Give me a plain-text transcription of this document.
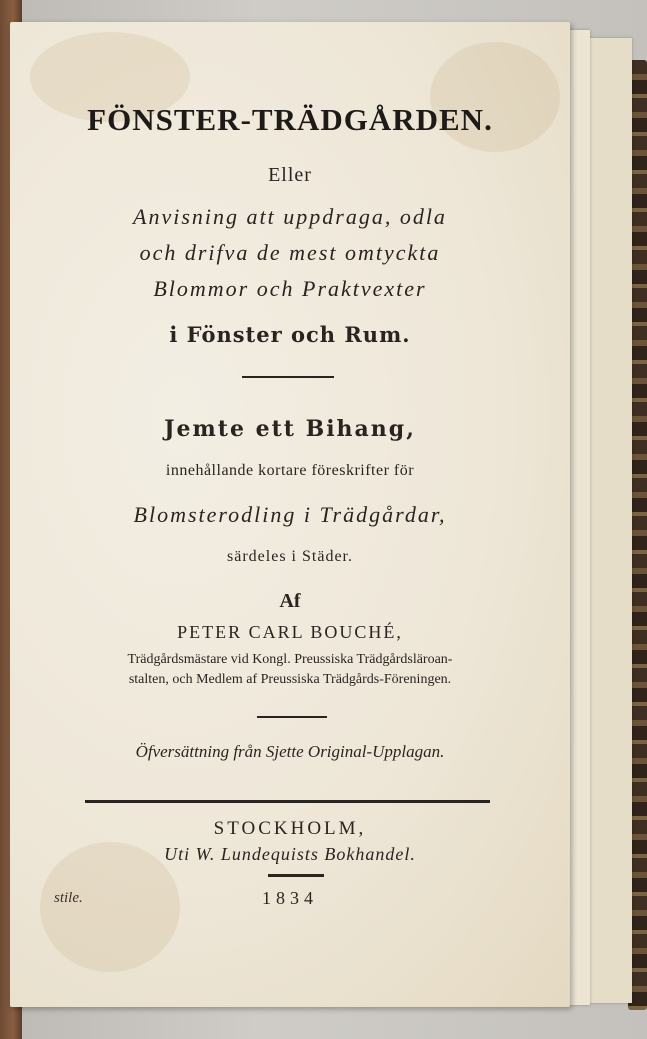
FÖNSTER-TRÄDGÅRDEN.
Eller
Anvisning att uppdraga, odla
och drifva de mest omtyckta
Blommor och Praktvexter
i Fönster och Rum.
Jemte ett Bihang,
innehållande kortare föreskrifter för
Blomsterodling i Trädgårdar,
särdeles i Städer.
Af
PETER CARL BOUCHÉ,
Trädgårdsmästare vid Kongl. Preussiska Trädgårdsläroan-
stalten, och Medlem af Preussiska Trädgårds-Föreningen.
Öfversättning från Sjette Original-Upplagan.
STOCKHOLM,
Uti W. Lundequists Bokhandel.
1834
stile.
